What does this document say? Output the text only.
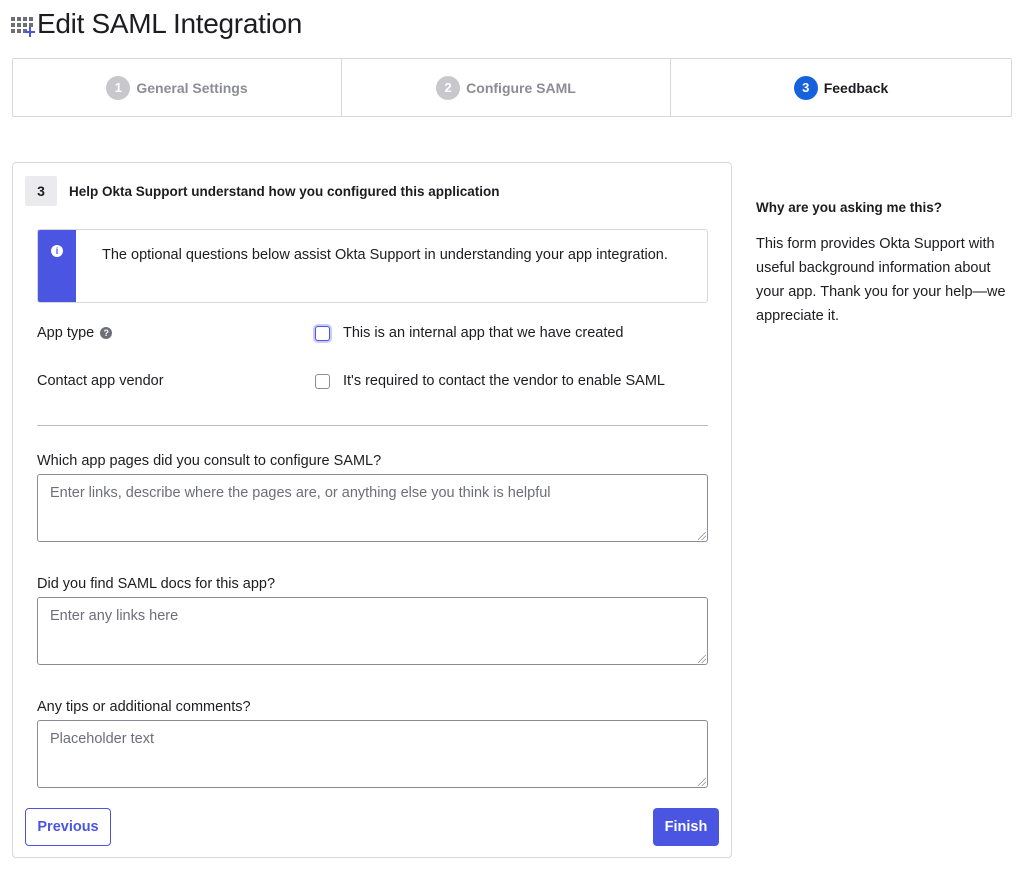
Edit SAML Integration
1	General Settings	2	Configure SAML	3	Feedback
3	Help Okta Support understand how you configured this application
i	The optional questions below assist Okta Support in understanding your app integration.
App type	?	This is an internal app that we have created
Contact app vendor	It's required to contact the vendor to enable SAML
Which app pages did you consult to configure SAML?
Enter links, describe where the pages are, or anything else you think is helpful
Did you find SAML docs for this app?
Enter any links here
Any tips or additional comments?
Placeholder text
Previous	Finish
Why are you asking me this?
This form provides Okta Support with useful background information about your app. Thank you for your help—we appreciate it.
